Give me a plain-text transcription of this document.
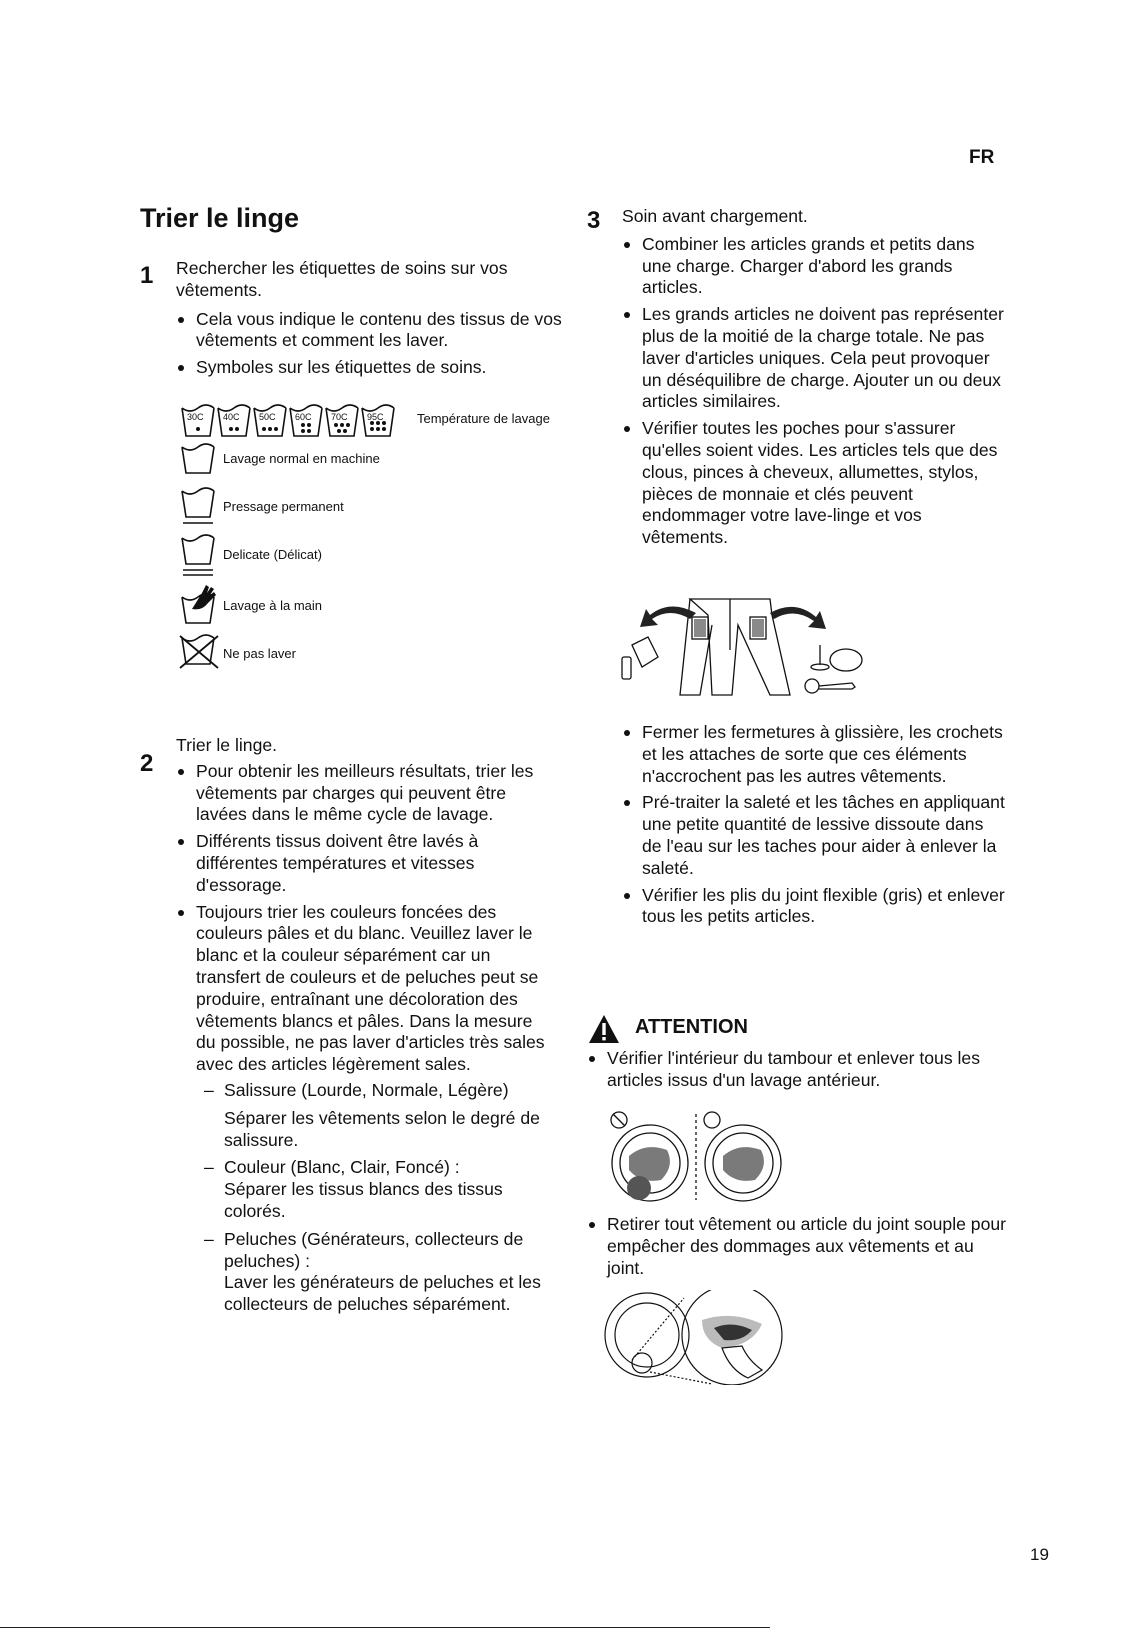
FR
Trier le linge
1 Rechercher les étiquettes de soins sur vos vêtements.
Cela vous indique le contenu des tissus de vos vêtements et comment les laver.
Symboles sur les étiquettes de soins.
30C 40C 50C 60C 70C 95C	Température de lavage
Lavage normal en machine
Pressage permanent
Delicate (Délicat)
Lavage à la main
Ne pas laver
2
Trier le linge.
Pour obtenir les meilleurs résultats, trier les vêtements par charges qui peuvent être lavées dans le même cycle de lavage.
Différents tissus doivent être lavés à différentes températures et vitesses d'essorage.
Toujours trier les couleurs foncées des couleurs pâles et du blanc. Veuillez laver le blanc et la couleur séparément car un transfert de couleurs et de peluches peut se produire, entraînant une décoloration des vêtements blancs et pâles. Dans la mesure du possible, ne pas laver d'articles très sales avec des articles légèrement sales.
– Salissure (Lourde, Normale, Légère)
Séparer les vêtements selon le degré de salissure.
– Couleur (Blanc, Clair, Foncé) :
Séparer les tissus blancs des tissus colorés.
– Peluches (Générateurs, collecteurs de peluches) :
Laver les générateurs de peluches et les collecteurs de peluches séparément.
3 Soin avant chargement.
Combiner les articles grands et petits dans une charge. Charger d'abord les grands articles.
Les grands articles ne doivent pas représenter plus de la moitié de la charge totale. Ne pas laver d'articles uniques. Cela peut provoquer un déséquilibre de charge. Ajouter un ou deux articles similaires.
Vérifier toutes les poches pour s'assurer qu'elles soient vides. Les articles tels que des clous, pinces à cheveux, allumettes, stylos, pièces de monnaie et clés peuvent endommager votre lave-linge et vos vêtements.
Fermer les fermetures à glissière, les crochets et les attaches de sorte que ces éléments n'accrochent pas les autres vêtements.
Pré-traiter la saleté et les tâches en appliquant une petite quantité de lessive dissoute dans de l'eau sur les taches pour aider à enlever la saleté.
Vérifier les plis du joint flexible (gris) et enlever tous les petits articles.
ATTENTION
Vérifier l'intérieur du tambour et enlever tous les articles issus d'un lavage antérieur.
Retirer tout vêtement ou article du joint souple pour empêcher des dommages aux vêtements et au joint.
19
